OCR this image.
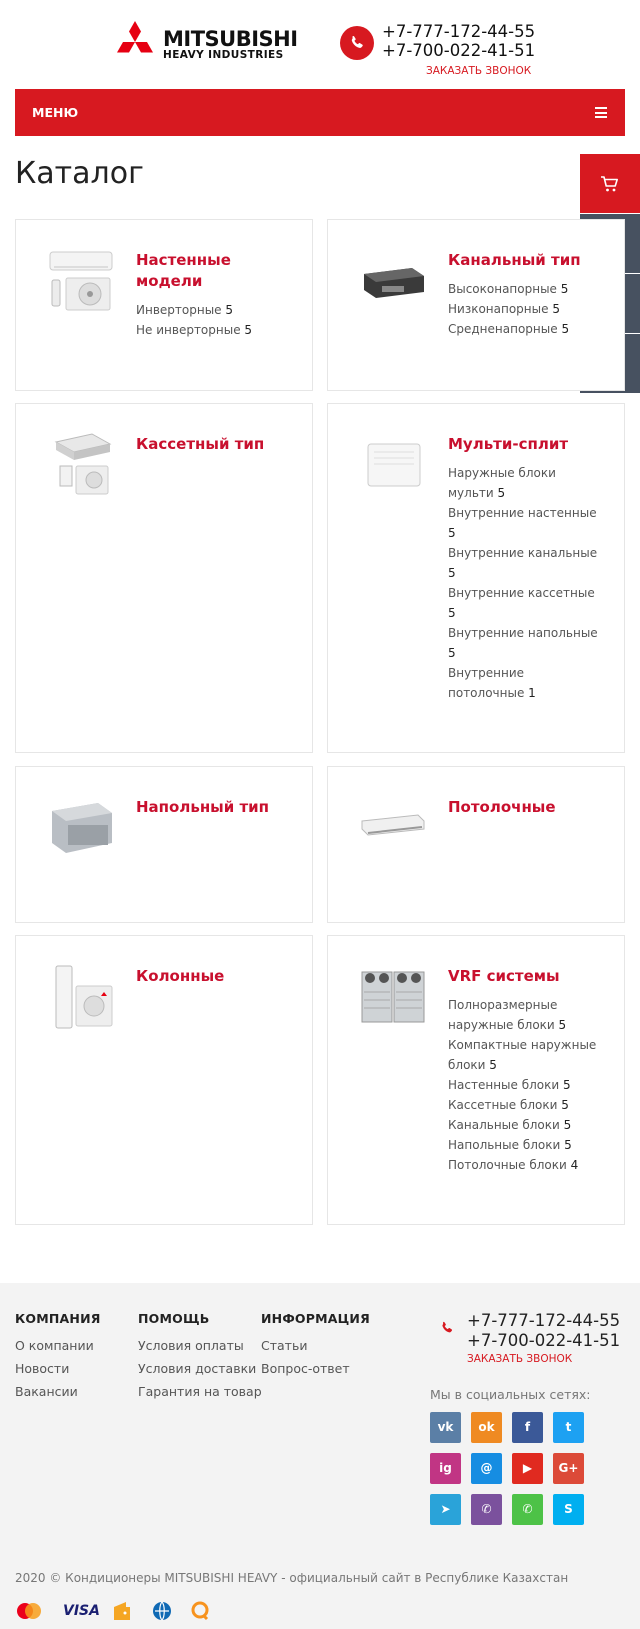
MITSUBISHI
HEAVY INDUSTRIES
+7-777-172-44-55
+7-700-022-41-51
ЗАКАЗАТЬ ЗВОНОК
МЕНЮ
Каталог
Настенные модели
Инверторные 5
Не инверторные 5
Канальный тип
Высоконапорные 5
Низконапорные 5
Средненапорные 5
Кассетный тип	Мульти-сплит
Наружные блоки мульти 5
Внутренние настенные 5
Внутренние канальные 5
Внутренние кассетные 5
Внутренние напольные 5
Внутренние потолочные 1
Напольный тип	Потолочные
Колонные	VRF системы
Полноразмерные наружные блоки 5
Компактные наружные блоки 5
Настенные блоки 5
Кассетные блоки 5
Канальные блоки 5
Напольные блоки 5
Потолочные блоки 4
КОМПАНИЯ
О компании
Новости
Вакансии
ПОМОЩЬ
Условия оплаты
Условия доставки
Гарантия на товар
ИНФОРМАЦИЯ
Статьи
Вопрос-ответ
+7-777-172-44-55
+7-700-022-41-51
ЗАКАЗАТЬ ЗВОНОК
Мы в социальных сетях:
vk	ok	f	t
ig	@	▶	G+
➤	✆	✆	S
2020 © Кондиционеры MITSUBISHI HEAVY - официальный сайт в Республике Казахстан
VISA
